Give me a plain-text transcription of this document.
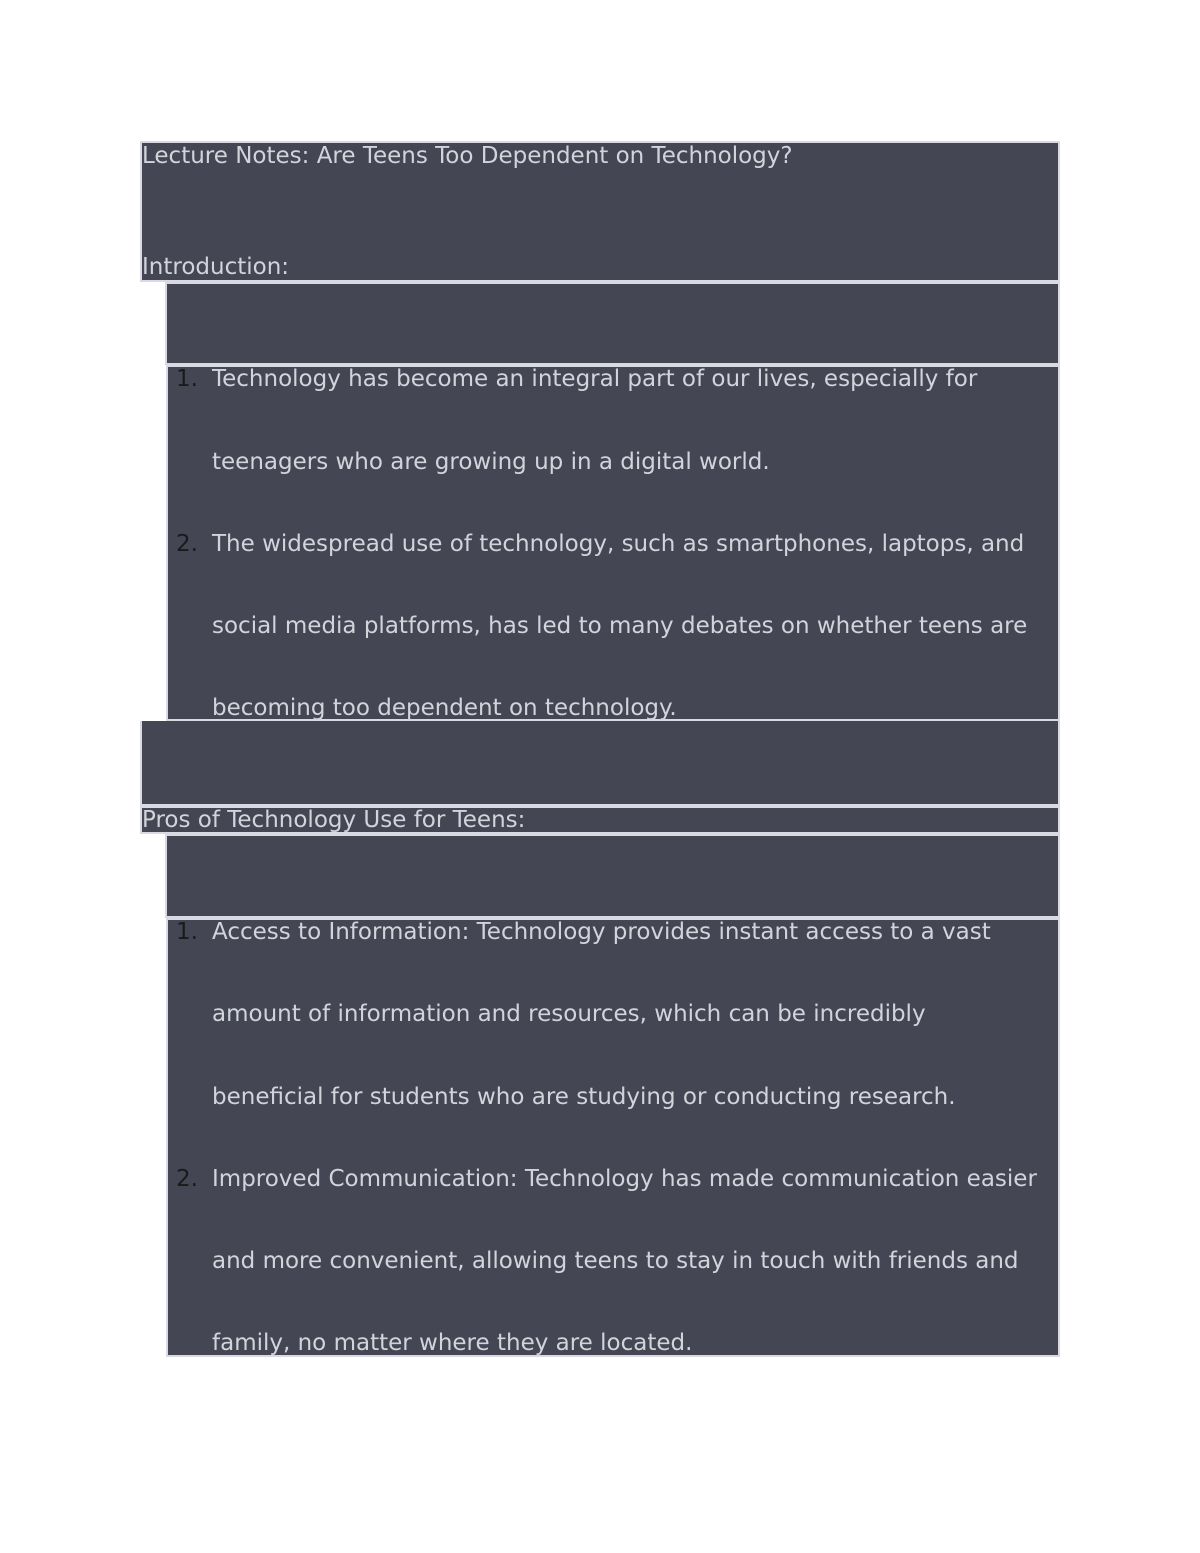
Lecture Notes: Are Teens Too Dependent on Technology?
Introduction:
1. Technology has become an integral part of our lives, especially for
teenagers who are growing up in a digital world.
2. The widespread use of technology, such as smartphones, laptops, and
social media platforms, has led to many debates on whether teens are
becoming too dependent on technology.
Pros of Technology Use for Teens:
1. Access to Information: Technology provides instant access to a vast
amount of information and resources, which can be incredibly
beneficial for students who are studying or conducting research.
2. Improved Communication: Technology has made communication easier
and more convenient, allowing teens to stay in touch with friends and
family, no matter where they are located.
